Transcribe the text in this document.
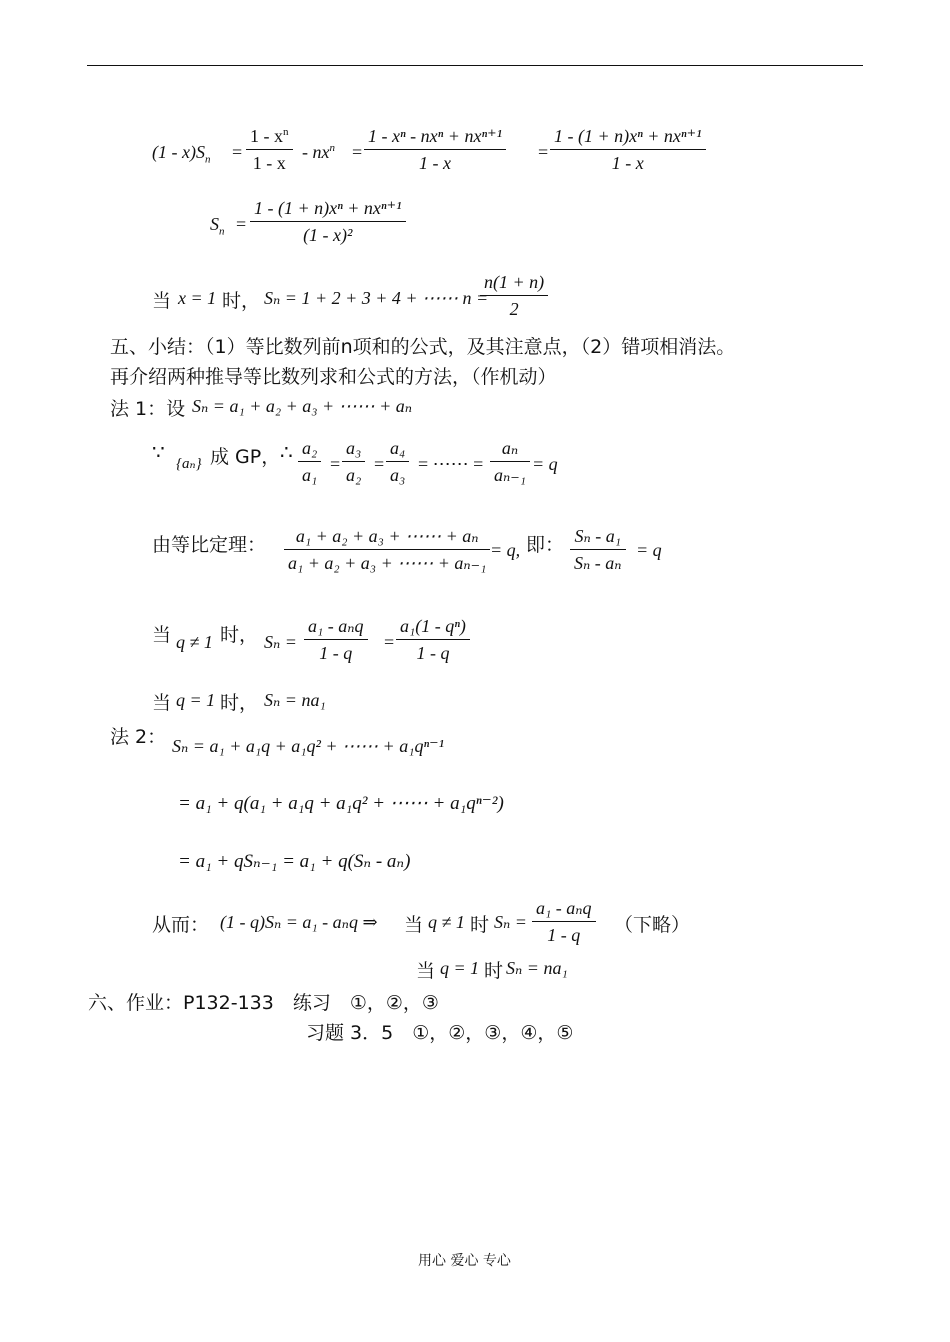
$(1 - x)S_n = \frac{1 - x^n}{1 - x} - nx^n$ =
1 - xⁿ - nxⁿ + nxⁿ⁺¹
1 - x
=
1 - (1 + n)xⁿ + nxⁿ⁺¹
1 - x
$S_n$ =
1 - (1 + n)xⁿ + nxⁿ⁺¹
(1 - x)²
当 x = 1 时， Sₙ = 1 + 2 + 3 + 4 + ⋯⋯ n =
$\frac{n(1 + n)}{2}$
五、小结：（1）等比数列前n项和的公式，及其注意点，（2）错项相消法。
再介绍两种推导等比数列求和公式的方法，（作机动）
法 1：设 Sₙ = a₁ + a₂ + a₃ + ⋯⋯ + aₙ
∵ {aₙ} 成 GP， ∴ $\frac{\text{a₂}}{\text{a₁}} = \frac{\text{a₃}}{\text{a₂}} = \frac{\text{a₄}}{\text{a₃}}$ = ⋯⋯ = $\frac{\text{aₙ}}{\text{aₙ₋₁}} = q$
由等比定理： $\frac{\text{a₁ + a₂ + a₃ + ⋯⋯ + aₙ}}{\text{a₁ + a₂ + a₃ + ⋯⋯ + aₙ₋₁}} = q$, 即： $\frac{\text{Sₙ - a₁}}{\text{Sₙ - aₙ}} = q$
当 q ≠ 1 时， Sₙ =
a₁ - aₙq
1 - q
= $\frac{\text{a₁(1 - qⁿ)}}{1 - q}$
当 q = 1 时， Sₙ = na₁
法 2： Sₙ = a₁ + a₁q + a₁q² + ⋯⋯ + a₁qⁿ⁻¹
= a₁ + q(a₁ + a₁q + a₁q² + ⋯⋯ + a₁qⁿ⁻²)
= a₁ + qSₙ₋₁ = a₁ + q(Sₙ - aₙ)
从而： (1 - q)Sₙ = a₁ - aₙq ⇒ 当 q ≠ 1 时 Sₙ =
a₁ - aₙq
1 - q	（下略）
当 q = 1 时 Sₙ = na₁
六、作业：P132-133　练习　①，②，③
习题 3．5　①，②，③，④，⑤
用心 爱心 专心
